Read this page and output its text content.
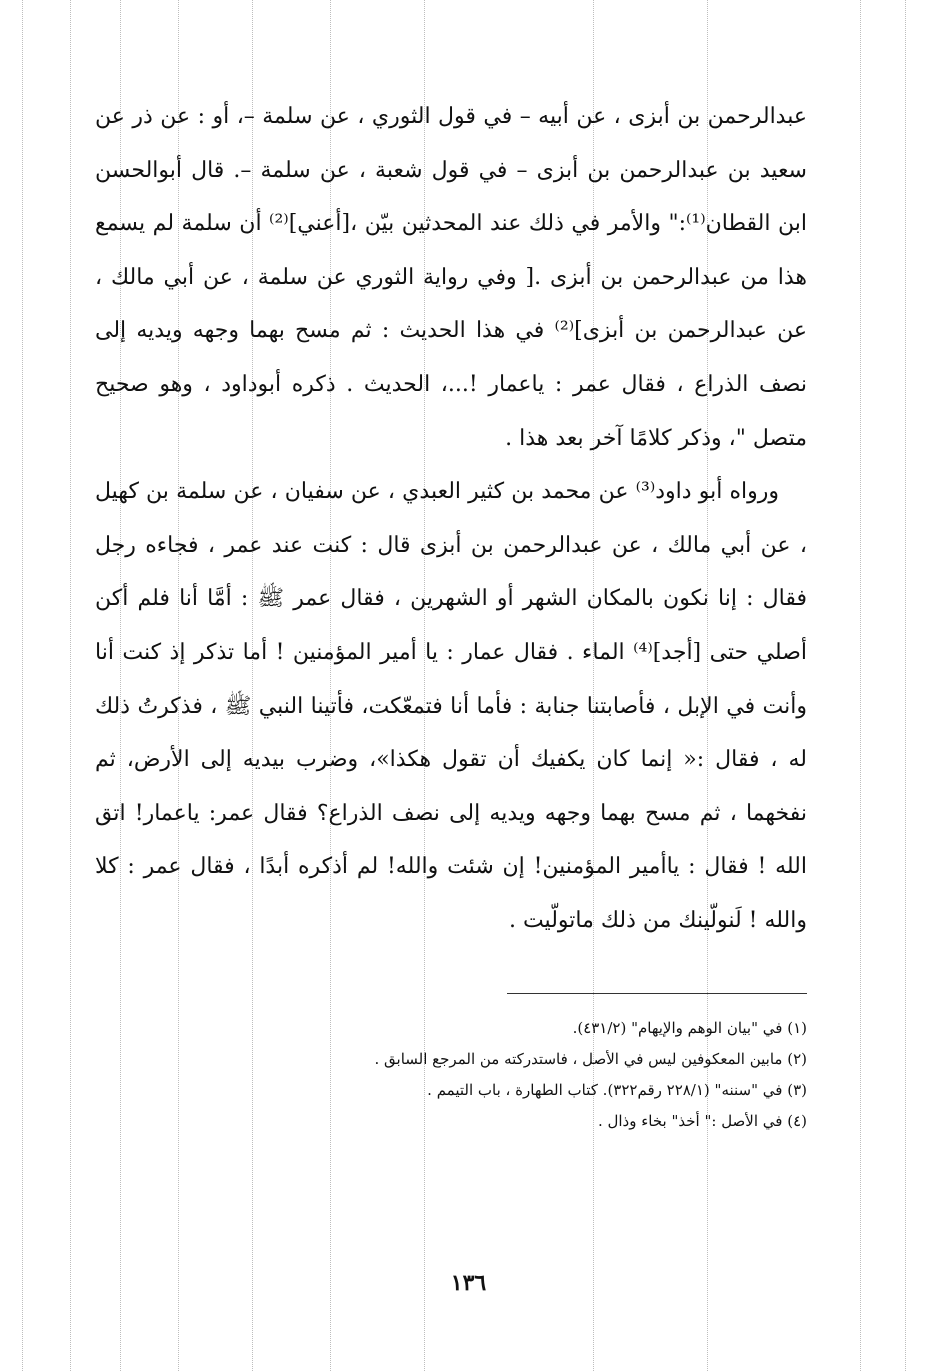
عبدالرحمن بن أبزى ، عن أبيه – في قول الثوري ، عن سلمة –، أو : عن ذر عن سعيد بن عبدالرحمن بن أبزى – في قول شعبة ، عن سلمة –. قال أبوالحسن ابن القطان⁽¹⁾:" والأمر في ذلك عند المحدثين بيّن ،[أعني]⁽²⁾ أن سلمة لم يسمع هذا من عبدالرحمن بن أبزى .[ وفي رواية الثوري عن سلمة ، عن أبي مالك ، عن عبدالرحمن بن أبزى]⁽²⁾ في هذا الحديث : ثم مسح بهما وجهه ويديه إلى نصف الذراع ، فقال عمر : ياعمار !...، الحديث . ذكره أبوداود ، وهو صحيح متصل "، وذكر كلامًا آخر بعد هذا .

ورواه أبو داود⁽³⁾ عن محمد بن كثير العبدي ، عن سفيان ، عن سلمة بن كهيل ، عن أبي مالك ، عن عبدالرحمن بن أبزى قال : كنت عند عمر ، فجاءه رجل فقال : إنا نكون بالمكان الشهر أو الشهرين ، فقال عمر ﷺ : أمَّا أنا فلم أكن أصلي حتى [أجد]⁽⁴⁾ الماء . فقال عمار : يا أمير المؤمنين ! أما تذكر إذ كنت أنا وأنت في الإبل ، فأصابتنا جنابة : فأما أنا فتمعّكت، فأتينا النبي ﷺ ، فذكرتُ ذلك له ، فقال :« إنما كان يكفيك أن تقول هكذا»، وضرب بيديه إلى الأرض، ثم نفخهما ، ثم مسح بهما وجهه ويديه إلى نصف الذراع؟ فقال عمر: ياعمار! اتق الله ! فقال : ياأمير المؤمنين! إن شئت والله! لم أذكره أبدًا ، فقال عمر : كلا والله ! لَنولّينك من ذلك ماتولّيت .

(١) في "بيان الوهم والإيهام" (٤٣١/٢).

(٢) مابين المعكوفين ليس في الأصل ، فاستدركته من المرجع السابق .

(٣) في "سننه" (٢٢٨/١ رقم٣٢٢). كتاب الطهارة ، باب التيمم .

(٤) في الأصل :" أخذ" بخاء وذال .

١٣٦
